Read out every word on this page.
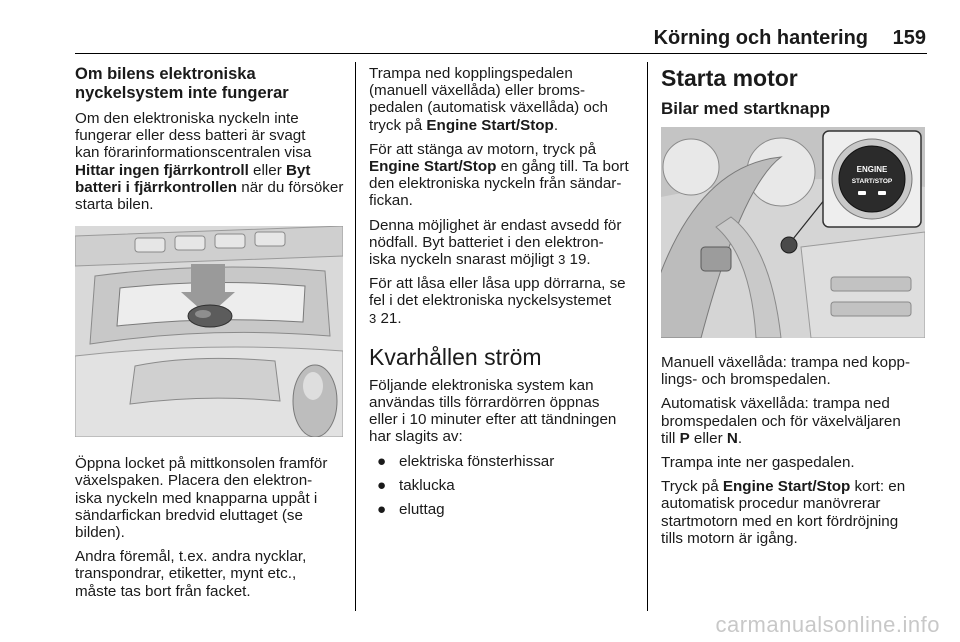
Körning och hantering	159
Om bilens elektroniska
nyckelsystem inte fungerar

Om den elektroniska nyckeln inte
fungerar eller dess batteri är svagt
kan förarinformationscentralen visa
Hittar ingen fjärrkontroll eller Byt
batteri i fjärrkontrollen när du försöker
starta bilen.

Öppna locket på mittkonsolen framför
växelspaken. Placera den elektron-
iska nyckeln med knapparna uppåt i
sändarfickan bredvid eluttaget (se
bilden).

Andra föremål, t.ex. andra nycklar,
transpondrar, etiketter, mynt etc.,
måste tas bort från facket.

Trampa ned kopplingspedalen
(manuell växellåda) eller broms-
pedalen (automatisk växellåda) och
tryck på Engine Start/Stop.

För att stänga av motorn, tryck på
Engine Start/Stop en gång till. Ta bort
den elektroniska nyckeln från sändar-
fickan.

Denna möjlighet är endast avsedd för
nödfall. Byt batteriet i den elektron-
iska nyckeln snarast möjligt 3 19.

För att låsa eller låsa upp dörrarna, se
fel i det elektroniska nyckelsystemet
3 21.

Kvarhållen ström

Följande elektroniska system kan
användas tills förrardörren öppnas
eller i 10 minuter efter att tändningen
har slagits av:

● elektriska fönsterhissar
● taklucka
● eluttag
Starta motor
Bilar med startknapp
ENGINE
START/STOP

Manuell växellåda: trampa ned kopp-
lings- och bromspedalen.

Automatisk växellåda: trampa ned
bromspedalen och för växelväljaren
till P eller N.

Trampa inte ner gaspedalen.

Tryck på Engine Start/Stop kort: en
automatisk procedur manövrerar
startmotorn med en kort fördröjning
tills motorn är igång.

carmanualsonline.info
